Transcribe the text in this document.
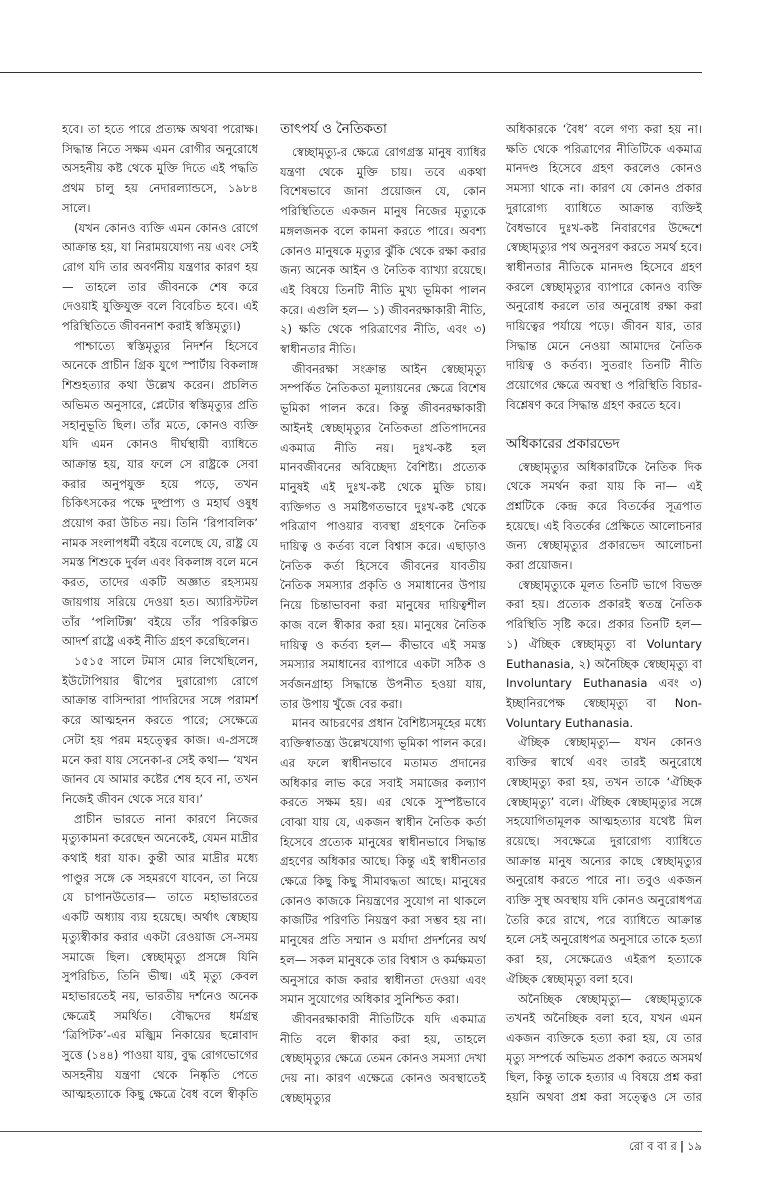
হবে। তা হতে পারে প্রত্যক্ষ অথবা পরোক্ষ। সিদ্ধান্ত নিতে সক্ষম এমন রোগীর অনুরোধে অসহনীয় কষ্ট থেকে মুক্তি দিতে এই পদ্ধতি প্রথম চালু হয় নেদারল্যান্ডসে, ১৯৮৪ সালে।

(যখন কোনও ব্যক্তি এমন কোনও রোগে আক্রান্ত হয়, যা নিরাময়যোগ্য নয় এবং সেই রোগ যদি তার অবর্ণনীয় যন্ত্রণার কারণ হয়— তাহলে তার জীবনকে শেষ করে দেওয়াই যুক্তিযুক্ত বলে বিবেচিত হবে। এই পরিস্থিতিতে জীবননাশ করাই স্বস্তিমৃত্যু।)

পাশ্চাত্যে স্বস্তিমৃত্যুর নিদর্শন হিসেবে অনেকে প্রাচীন গ্রিক যুগে স্পার্টায় বিকলাঙ্গ শিশুহত্যার কথা উল্লেখ করেন। প্রচলিত অভিমত অনুসারে, প্লেটোর স্বস্তিমৃত্যুর প্রতি সহানুভূতি ছিল। তাঁর মতে, কোনও ব্যক্তি যদি এমন কোনও দীর্ঘস্থায়ী ব্যাধিতে আক্রান্ত হয়, যার ফলে সে রাষ্ট্রকে সেবা করার অনুপযুক্ত হয়ে পড়ে, তখন চিকিৎসকের পক্ষে দুষ্প্রাপ্য ও মহার্ঘ ওষুধ প্রয়োগ করা উচিত নয়। তিনি ‘রিপাবলিক’ নামক সংলাপধর্মী বইয়ে বলেছে যে, রাষ্ট্র যে সমস্ত শিশুকে দুর্বল এবং বিকলাঙ্গ বলে মনে করত, তাদের একটি অজ্ঞাত রহস্যময় জায়গায় সরিয়ে দেওয়া হত। অ্যারিস্টটল তাঁর ‘পলিটিক্স’ বইয়ে তাঁর পরিকল্পিত আদর্শ রাষ্ট্রে একই নীতি গ্রহণ করেছিলেন।

১৫১৫ সালে টমাস মোর লিখেছিলেন, ইউটোপিয়ার দ্বীপের দুরারোগ্য রোগে আক্রান্ত বাসিন্দারা পাদরিদের সঙ্গে পরামর্শ করে আত্মহনন করতে পারে; সেক্ষেত্রে সেটা হয় পরম মহত্ত্বের কাজ। এ-প্রসঙ্গে মনে করা যায় সেনেকা-র সেই কথা— ‘যখন জানব যে আমার কষ্টের শেষ হবে না, তখন নিজেই জীবন থেকে সরে যাব।’

প্রাচীন ভারতে নানা কারণে নিজের মৃত্যুকামনা করেছেন অনেকেই, যেমন মাদ্রীর কথাই ধরা যাক। কুন্তী আর মাদ্রীর মধ্যে পাণ্ডুর সঙ্গে কে সহমরণে যাবেন, তা নিয়ে যে চাপানউতোর— তাতে মহাভারতের একটি অধ্যায় ব্যয় হয়েছে। অর্থাৎ স্বেচ্ছায় মৃত্যুস্বীকার করার একটা রেওয়াজ সে-সময় সমাজে ছিল। স্বেচ্ছামৃত্যু প্রসঙ্গে যিনি সুপরিচিত, তিনি ভীষ্ম। এই মৃত্যু কেবল মহাভারতেই নয়, ভারতীয় দর্শনেও অনেক ক্ষেত্রেই সমর্থিত। বৌদ্ধদের ধর্মগ্রন্থ ‘ত্রিপিটক’-এর মজ্ঝিম নিকায়ের ছন্নোবাদ সুত্তে (১৪৪) পাওয়া যায়, বুদ্ধ রোগভোগের অসহনীয় যন্ত্রণা থেকে নিষ্কৃতি পেতে আত্মহত্যাকে কিছু ক্ষেত্রে বৈধ বলে স্বীকৃতি

তাৎপর্য ও নৈতিকতা

স্বেচ্ছামৃত্যু-র ক্ষেত্রে রোগগ্রস্ত মানুষ ব্যাধির যন্ত্রণা থেকে মুক্তি চায়। তবে একথা বিশেষভাবে জানা প্রয়োজন যে, কোন পরিস্থিতিতে একজন মানুষ নিজের মৃত্যুকে মঙ্গলজনক বলে কামনা করতে পারে। অবশ্য কোনও মানুষকে মৃত্যুর ঝুঁকি থেকে রক্ষা করার জন্য অনেক আইন ও নৈতিক ব্যাখ্যা রয়েছে। এই বিষয়ে তিনটি নীতি মুখ্য ভূমিকা পালন করে। এগুলি হল— ১) জীবনরক্ষাকারী নীতি, ২) ক্ষতি থেকে পরিত্রাণের নীতি, এবং ৩) স্বাধীনতার নীতি।

জীবনরক্ষা সংক্রান্ত আইন স্বেচ্ছামৃত্যু সম্পর্কিত নৈতিকতা মূল্যায়নের ক্ষেত্রে বিশেষ ভূমিকা পালন করে। কিন্তু জীবনরক্ষাকারী আইনই স্বেচ্ছামৃত্যুর নৈতিকতা প্রতিপাদনের একমাত্র নীতি নয়। দুঃখ-কষ্ট হল মানবজীবনের অবিচ্ছেদ্য বৈশিষ্ট্য। প্রত্যেক মানুষই এই দুঃখ-কষ্ট থেকে মুক্তি চায়। ব্যক্তিগত ও সমষ্টিগতভাবে দুঃখ-কষ্ট থেকে পরিত্রাণ পাওয়ার ব্যবস্থা গ্রহণকে নৈতিক দায়িত্ব ও কর্তব্য বলে বিশ্বাস করে। এছাড়াও নৈতিক কর্তা হিসেবে জীবনের যাবতীয় নৈতিক সমস্যার প্রকৃতি ও সমাধানের উপায় নিয়ে চিন্তাভাবনা করা মানুষের দায়িত্বশীল কাজ বলে স্বীকার করা হয়। মানুষের নৈতিক দায়িত্ব ও কর্তব্য হল— কীভাবে এই সমস্ত সমস্যার সমাধানের ব্যাপারে একটা সঠিক ও সর্বজনগ্রাহ্য সিদ্ধান্তে উপনীত হওয়া যায়, তার উপায় খুঁজে বের করা।

মানব আচরণের প্রধান বৈশিষ্ট্যসমূহের মধ্যে ব্যক্তিস্বাতন্ত্র্য উল্লেখযোগ্য ভূমিকা পালন করে। এর ফলে স্বাধীনভাবে মতামত প্রদানের অধিকার লাভ করে সবাই সমাজের কল্যাণ করতে সক্ষম হয়। এর থেকে সুস্পষ্টভাবে বোঝা যায় যে, একজন স্বাধীন নৈতিক কর্তা হিসেবে প্রত্যেক মানুষের স্বাধীনভাবে সিদ্ধান্ত গ্রহণের অধিকার আছে। কিন্তু এই স্বাধীনতার ক্ষেত্রে কিছু কিছু সীমাবদ্ধতা আছে। মানুষের কোনও কাজকে নিয়ন্ত্রণের সুযোগ না থাকলে কাজটির পরিণতি নিয়ন্ত্রণ করা সম্ভব হয় না। মানুষের প্রতি সম্মান ও মর্যাদা প্রদর্শনের অর্থ হল— সকল মানুষকে তার বিশ্বাস ও কর্মক্ষমতা অনুসারে কাজ করার স্বাধীনতা দেওয়া এবং সমান সুযোগের অধিকার সুনিশ্চিত করা।

জীবনরক্ষাকারী নীতিটিকে যদি একমাত্র নীতি বলে স্বীকার করা হয়, তাহলে স্বেচ্ছামৃত্যুর ক্ষেত্রে তেমন কোনও সমস্যা দেখা দেয় না। কারণ এক্ষেত্রে কোনও অবস্থাতেই স্বেচ্ছামৃত্যুর

অধিকারকে ‘বৈধ’ বলে গণ্য করা হয় না। ক্ষতি থেকে পরিত্রাণের নীতিটিকে একমাত্র মানদণ্ড হিসেবে গ্রহণ করলেও কোনও সমস্যা থাকে না। কারণ যে কোনও প্রকার দুরারোগ্য ব্যাধিতে আক্রান্ত ব্যক্তিই বৈধভাবে দুঃখ-কষ্ট নিবারণের উদ্দেশে স্বেচ্ছামৃত্যুর পথ অনুসরণ করতে সমর্থ হবে। স্বাধীনতার নীতিকে মানদণ্ড হিসেবে গ্রহণ করলে স্বেচ্ছামৃত্যুর ব্যাপারে কোনও ব্যক্তি অনুরোধ করলে তার অনুরোধ রক্ষা করা দায়িত্বের পর্যায়ে পড়ে। জীবন যার, তার সিদ্ধান্ত মেনে নেওয়া আমাদের নৈতিক দায়িত্ব ও কর্তব্য। সুতরাং তিনটি নীতি প্রয়োগের ক্ষেত্রে অবস্থা ও পরিস্থিতি বিচার-বিশ্লেষণ করে সিদ্ধান্ত গ্রহণ করতে হবে।

অধিকারের প্রকারভেদ

স্বেচ্ছামৃত্যুর অধিকারটিকে নৈতিক দিক থেকে সমর্থন করা যায় কি না— এই প্রশ্নটিকে কেন্দ্র করে বিতর্কের সূত্রপাত হয়েছে। এই বিতর্কের প্রেক্ষিতে আলোচনার জন্য স্বেচ্ছামৃত্যুর প্রকারভেদ আলোচনা করা প্রয়োজন।

স্বেচ্ছামৃত্যুকে মূলত তিনটি ভাগে বিভক্ত করা হয়। প্রত্যেক প্রকারই স্বতন্ত্র নৈতিক পরিস্থিতি সৃষ্টি করে। প্রকার তিনটি হল— ১) ঐচ্ছিক স্বেচ্ছামৃত্যু বা Voluntary Euthanasia, ২) অনৈচ্ছিক স্বেচ্ছামৃত্যু বা Involuntary Euthanasia এবং ৩) ইচ্ছানিরপেক্ষ স্বেচ্ছামৃত্যু বা Non-Voluntary Euthanasia.

ঐচ্ছিক স্বেচ্ছামৃত্যু— যখন কোনও ব্যক্তির স্বার্থে এবং তারই অনুরোধে স্বেচ্ছামৃত্যু করা হয়, তখন তাকে ‘ঐচ্ছিক স্বেচ্ছামৃত্যু’ বলে। ঐচ্ছিক স্বেচ্ছামৃত্যুর সঙ্গে সহযোগিতামূলক আত্মহত্যার যথেষ্ট মিল রয়েছে। সবক্ষেত্রে দুরারোগ্য ব্যাধিতে আক্রান্ত মানুষ অন্যের কাছে স্বেচ্ছামৃত্যুর অনুরোধ করতে পারে না। তবুও একজন ব্যক্তি সুস্থ অবস্থায় যদি কোনও অনুরোধপত্র তৈরি করে রাখে, পরে ব্যাধিতে আক্রান্ত হলে সেই অনুরোধপত্র অনুসারে তাকে হত্যা করা হয়, সেক্ষেত্রেও এইরূপ হত্যাকে ঐচ্ছিক স্বেচ্ছামৃত্যু বলা হবে।

অনৈচ্ছিক স্বেচ্ছামৃত্যু— স্বেচ্ছামৃত্যুকে তখনই অনৈচ্ছিক বলা হবে, যখন এমন একজন ব্যক্তিকে হত্যা করা হয়, যে তার মৃত্যু সম্পর্কে অভিমত প্রকাশ করতে অসমর্থ ছিল, কিন্তু তাকে হত্যার এ বিষয়ে প্রশ্ন করা হয়নি অথবা প্রশ্ন করা সত্ত্বেও সে তার

রো ব বা র | ১৯
